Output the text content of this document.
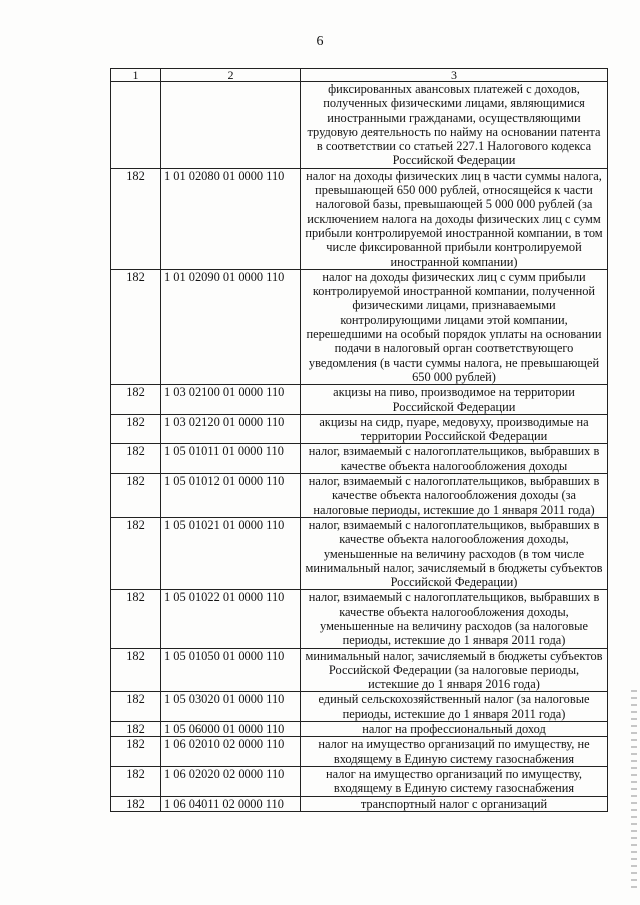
6
1	2	3
		фиксированных авансовых платежей с доходов, полученных физическими лицами, являющимися иностранными гражданами, осуществляющими трудовую деятельность по найму на основании патента в соответствии со статьей 227.1 Налогового кодекса Российской Федерации
182	1 01 02080 01 0000 110	налог на доходы физических лиц в части суммы налога, превышающей 650 000 рублей, относящейся к части налоговой базы, превышающей 5 000 000 рублей (за исключением налога на доходы физических лиц с сумм прибыли контролируемой иностранной компании, в том числе фиксированной прибыли контролируемой иностранной компании)
182	1 01 02090 01 0000 110	налог на доходы физических лиц с сумм прибыли контролируемой иностранной компании, полученной физическими лицами, признаваемыми контролирующими лицами этой компании, перешедшими на особый порядок уплаты на основании подачи в налоговый орган соответствующего уведомления (в части суммы налога, не превышающей 650 000 рублей)
182	1 03 02100 01 0000 110	акцизы на пиво, производимое на территории Российской Федерации
182	1 03 02120 01 0000 110	акцизы на сидр, пуаре, медовуху, производимые на территории Российской Федерации
182	1 05 01011 01 0000 110	налог, взимаемый с налогоплательщиков, выбравших в качестве объекта налогообложения доходы
182	1 05 01012 01 0000 110	налог, взимаемый с налогоплательщиков, выбравших в качестве объекта налогообложения доходы (за налоговые периоды, истекшие до 1 января 2011 года)
182	1 05 01021 01 0000 110	налог, взимаемый с налогоплательщиков, выбравших в качестве объекта налогообложения доходы, уменьшенные на величину расходов (в том числе минимальный налог, зачисляемый в бюджеты субъектов Российской Федерации)
182	1 05 01022 01 0000 110	налог, взимаемый с налогоплательщиков, выбравших в качестве объекта налогообложения доходы, уменьшенные на величину расходов (за налоговые периоды, истекшие до 1 января 2011 года)
182	1 05 01050 01 0000 110	минимальный налог, зачисляемый в бюджеты субъектов Российской Федерации (за налоговые периоды, истекшие до 1 января 2016 года)
182	1 05 03020 01 0000 110	единый сельскохозяйственный налог (за налоговые периоды, истекшие до 1 января 2011 года)
182	1 05 06000 01 0000 110	налог на профессиональный доход
182	1 06 02010 02 0000 110	налог на имущество организаций по имуществу, не входящему в Единую систему газоснабжения
182	1 06 02020 02 0000 110	налог на имущество организаций по имуществу, входящему в Единую систему газоснабжения
182	1 06 04011 02 0000 110	транспортный налог с организаций
